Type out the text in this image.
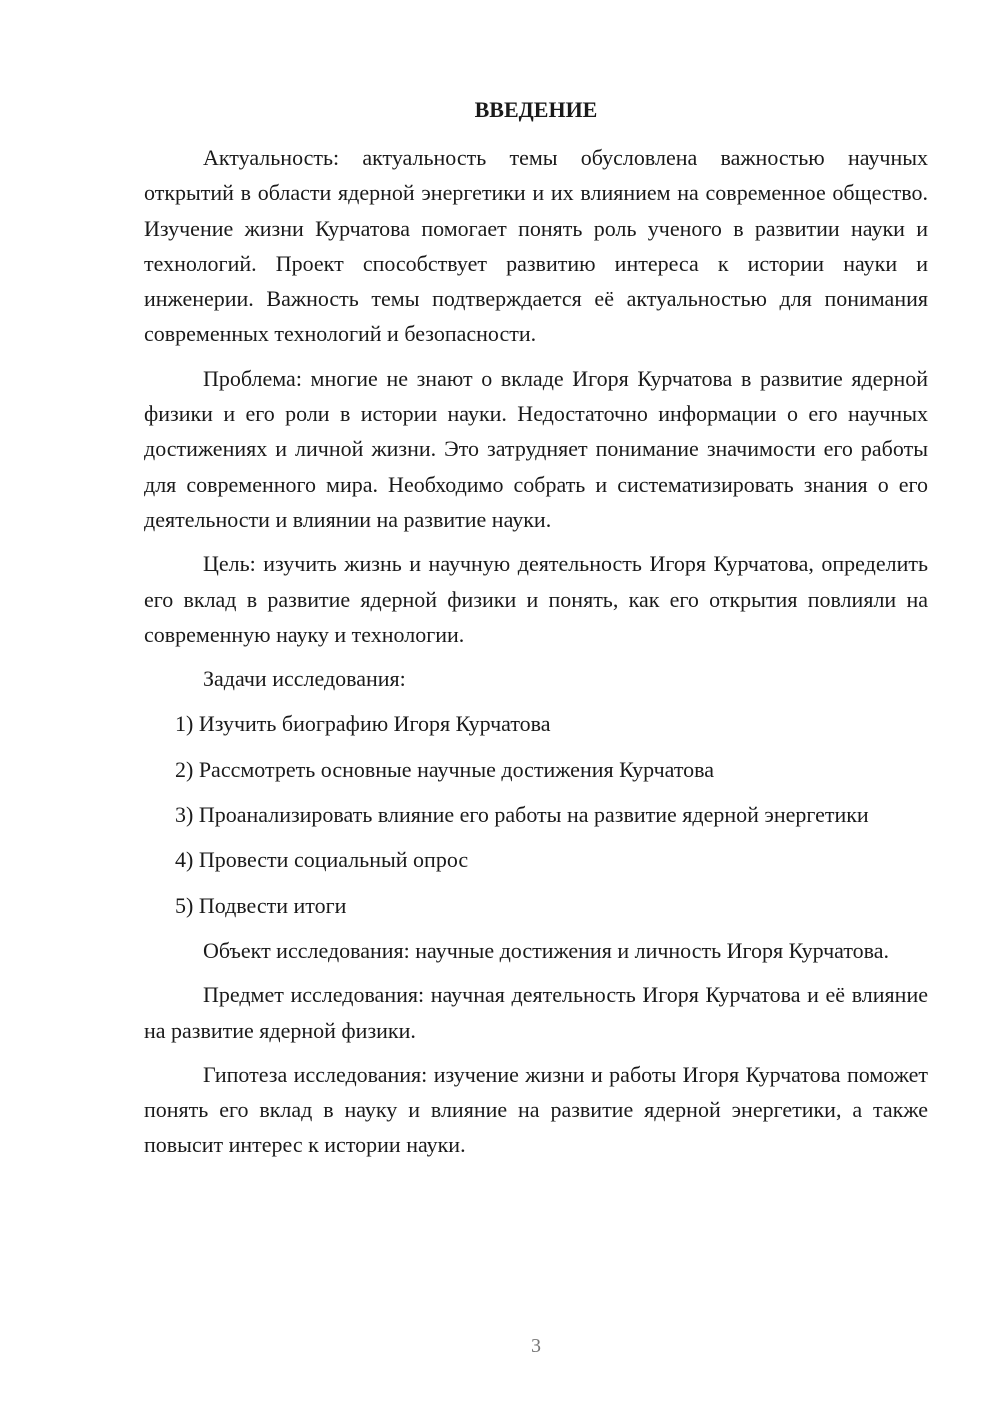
ВВЕДЕНИЕ

Актуальность: актуальность темы обусловлена важностью научных открытий в области ядерной энергетики и их влиянием на современное общество. Изучение жизни Курчатова помогает понять роль ученого в развитии науки и технологий. Проект способствует развитию интереса к истории науки и инженерии. Важность темы подтверждается её актуальностью для понимания современных технологий и безопасности.

Проблема: многие не знают о вкладе Игоря Курчатова в развитие ядерной физики и его роли в истории науки. Недостаточно информации о его научных достижениях и личной жизни. Это затрудняет понимание значимости его работы для современного мира. Необходимо собрать и систематизировать знания о его деятельности и влиянии на развитие науки.

Цель: изучить жизнь и научную деятельность Игоря Курчатова, определить его вклад в развитие ядерной физики и понять, как его открытия повлияли на современную науку и технологии.

Задачи исследования:

1) Изучить биографию Игоря Курчатова

2) Рассмотреть основные научные достижения Курчатова

3) Проанализировать влияние его работы на развитие ядерной энергетики

4) Провести социальный опрос

5) Подвести итоги

Объект исследования: научные достижения и личность Игоря Курчатова.

Предмет исследования: научная деятельность Игоря Курчатова и её влияние на развитие ядерной физики.

Гипотеза исследования: изучение жизни и работы Игоря Курчатова поможет понять его вклад в науку и влияние на развитие ядерной энергетики, а также повысит интерес к истории науки.

3
